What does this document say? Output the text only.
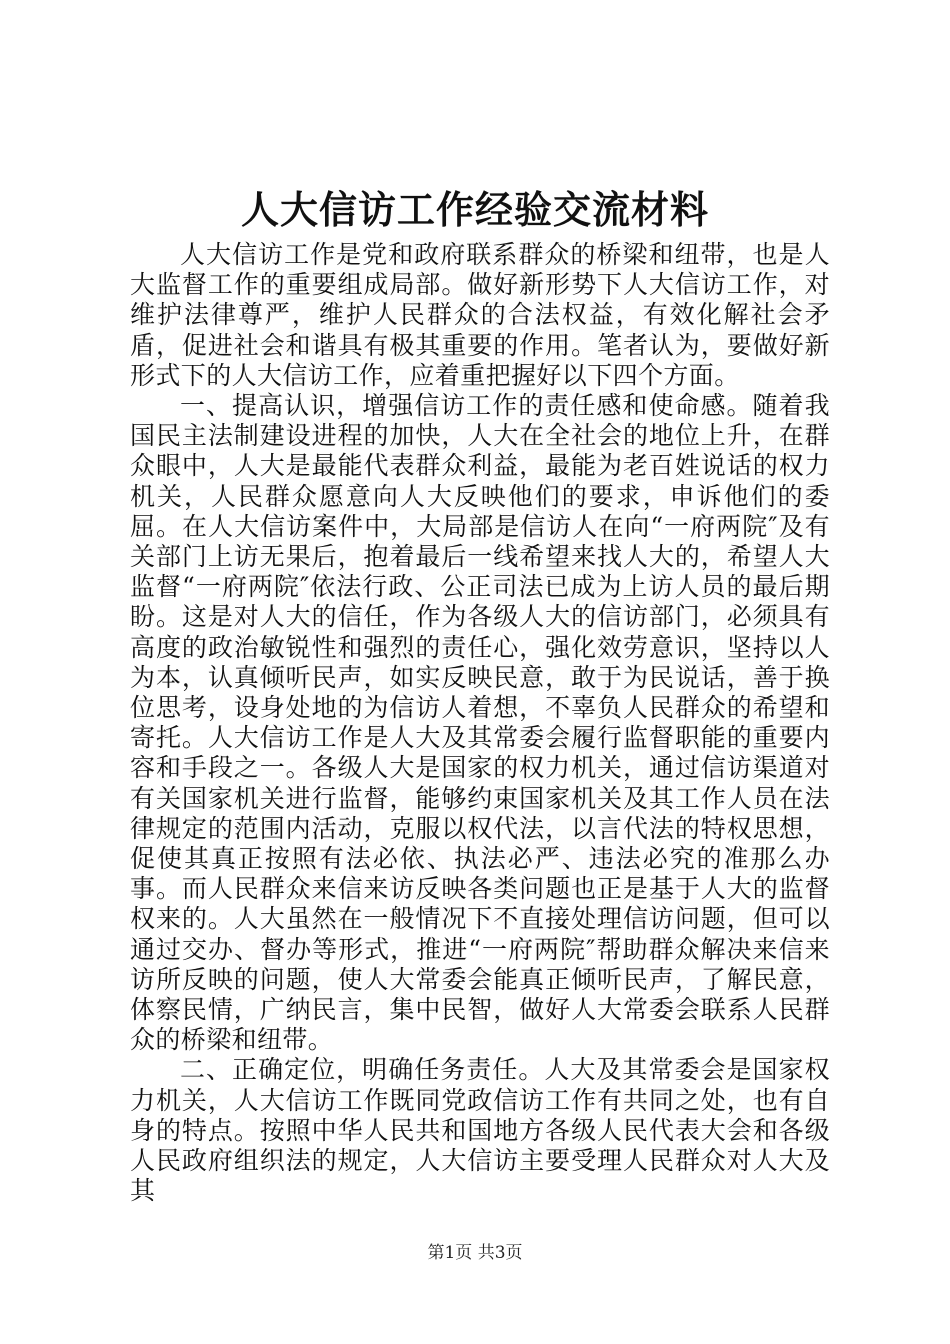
人大信访工作经验交流材料

人大信访工作是党和政府联系群众的桥梁和纽带，也是人大监督工作的重要组成局部。做好新形势下人大信访工作，对维护法律尊严，维护人民群众的合法权益，有效化解社会矛盾，促进社会和谐具有极其重要的作用。笔者认为，要做好新形式下的人大信访工作，应着重把握好以下四个方面。

一、提高认识，增强信访工作的责任感和使命感。随着我国民主法制建设进程的加快，人大在全社会的地位上升，在群众眼中，人大是最能代表群众利益，最能为老百姓说话的权力机关，人民群众愿意向人大反映他们的要求，申诉他们的委屈。在人大信访案件中，大局部是信访人在向“一府两院″及有关部门上访无果后，抱着最后一线希望来找人大的，希望人大监督“一府两院″依法行政、公正司法已成为上访人员的最后期盼。这是对人大的信任，作为各级人大的信访部门，必须具有高度的政治敏锐性和强烈的责任心，强化效劳意识，坚持以人为本，认真倾听民声，如实反映民意，敢于为民说话，善于换位思考，设身处地的为信访人着想，不辜负人民群众的希望和寄托。人大信访工作是人大及其常委会履行监督职能的重要内容和手段之一。各级人大是国家的权力机关，通过信访渠道对有关国家机关进行监督，能够约束国家机关及其工作人员在法律规定的范围内活动，克服以权代法，以言代法的特权思想，促使其真正按照有法必依、执法必严、违法必究的准那么办事。而人民群众来信来访反映各类问题也正是基于人大的监督权来的。人大虽然在一般情况下不直接处理信访问题，但可以通过交办、督办等形式，推进“一府两院″帮助群众解决来信来访所反映的问题，使人大常委会能真正倾听民声，了解民意，体察民情，广纳民言，集中民智，做好人大常委会联系人民群众的桥梁和纽带。

二、正确定位，明确任务责任。人大及其常委会是国家权力机关，人大信访工作既同党政信访工作有共同之处，也有自身的特点。按照中华人民共和国地方各级人民代表大会和各级人民政府组织法的规定，人大信访主要受理人民群众对人大及其

第1页 共3页
